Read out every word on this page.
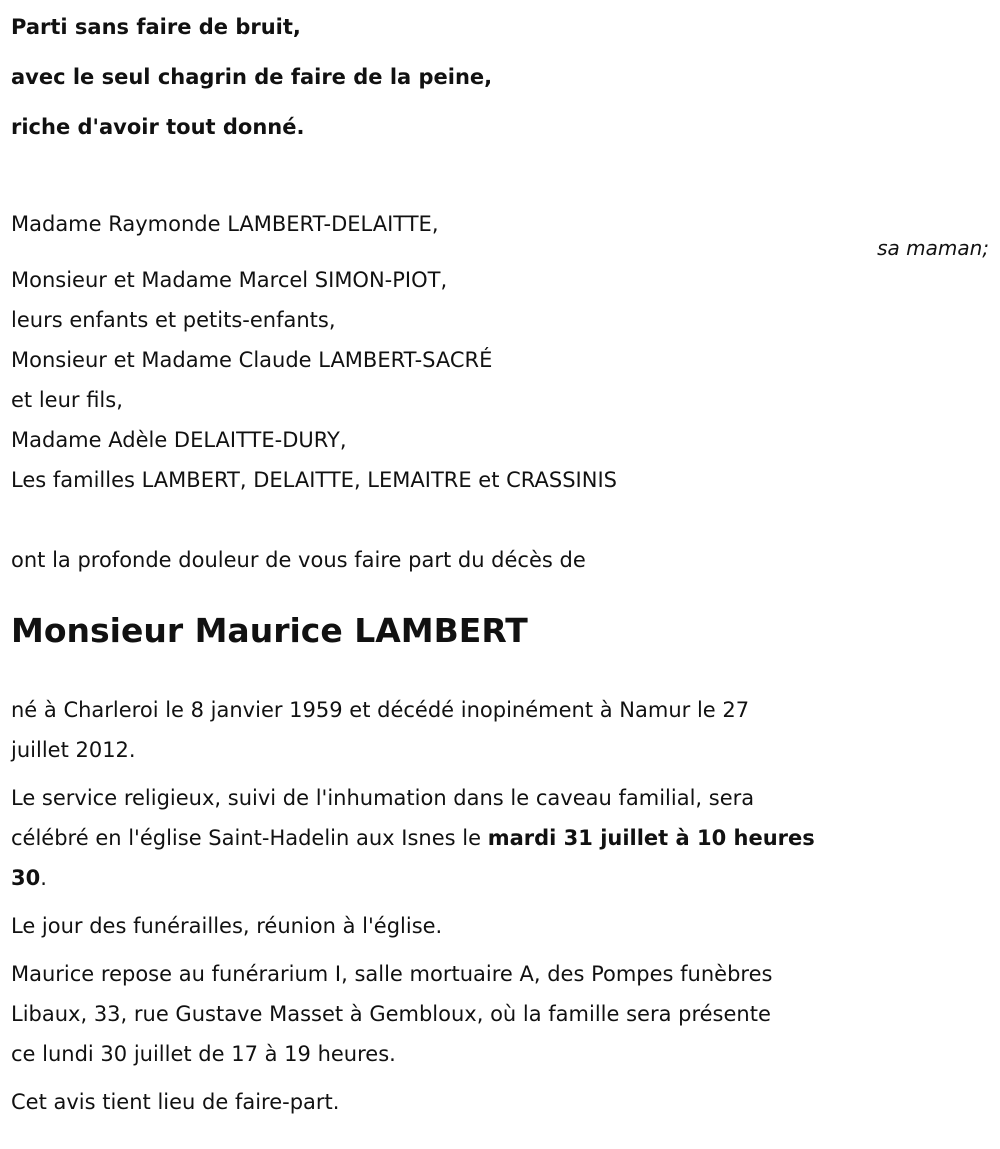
Parti sans faire de bruit,
avec le seul chagrin de faire de la peine,
riche d'avoir tout donné.
Madame Raymonde LAMBERT-DELAITTE,
sa maman;
Monsieur et Madame Marcel SIMON-PIOT,
leurs enfants et petits-enfants,
Monsieur et Madame Claude LAMBERT-SACRÉ
et leur fils,
Madame Adèle DELAITTE-DURY,
Les familles LAMBERT, DELAITTE, LEMAITRE et CRASSINIS
ont la profonde douleur de vous faire part du décès de
Monsieur Maurice LAMBERT
né à Charleroi le 8 janvier 1959 et décédé inopinément à Namur le 27
juillet 2012.
Le service religieux, suivi de l'inhumation dans le caveau familial, sera
célébré en l'église Saint-Hadelin aux Isnes le mardi 31 juillet à 10 heures
30.
Le jour des funérailles, réunion à l'église.
Maurice repose au funérarium I, salle mortuaire A, des Pompes funèbres
Libaux, 33, rue Gustave Masset à Gembloux, où la famille sera présente
ce lundi 30 juillet de 17 à 19 heures.
Cet avis tient lieu de faire-part.
